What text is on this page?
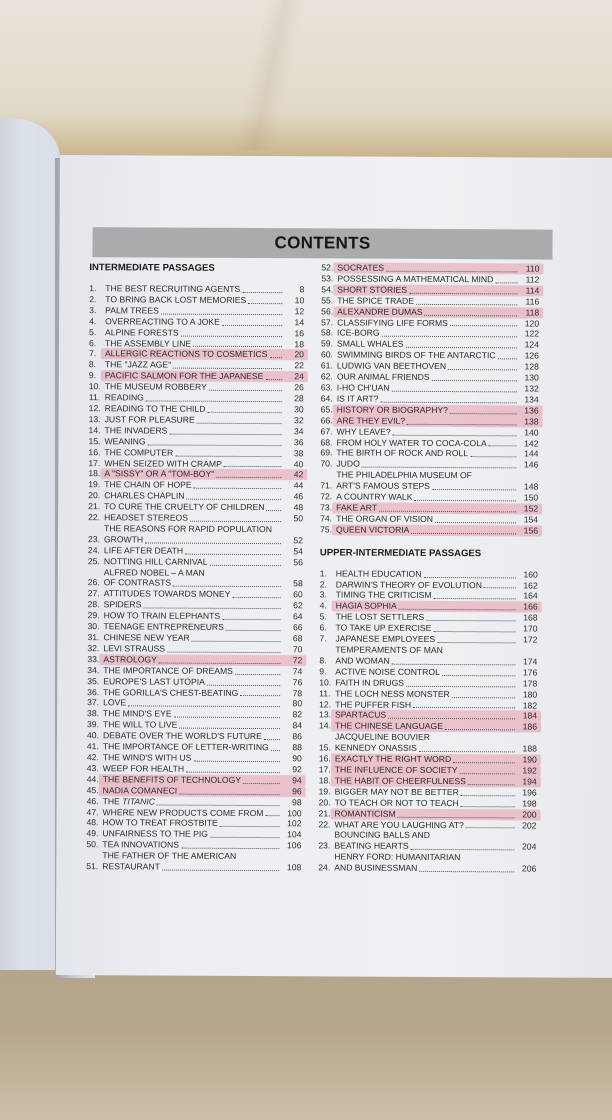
CONTENTS
INTERMEDIATE PASSAGES
1.	THE BEST RECRUITING AGENTS	8
2.	TO BRING BACK LOST MEMORIES	10
3.	PALM TREES	12
4.	OVERREACTING TO A JOKE	14
5.	ALPINE FORESTS	16
6.	THE ASSEMBLY LINE	18
7.	ALLERGIC REACTIONS TO COSMETICS	20
8.	THE "JAZZ AGE"	22
9.	PACIFIC SALMON FOR THE JAPANESE	24
10. THE MUSEUM ROBBERY	26
11. READING	28
12. READING TO THE CHILD	30
13. JUST FOR PLEASURE	32
14. THE INVADERS	34
15. WEANING	36
16. THE COMPUTER	38
17. WHEN SEIZED WITH CRAMP	40
18. A "SISSY" OR A "TOM-BOY"	42
19. THE CHAIN OF HOPE	44
20. CHARLES CHAPLIN	46
21. TO CURE THE CRUELTY OF CHILDREN	48
22. HEADSET STEREOS	50
23.
THE REASONS FOR RAPID POPULATION
GROWTH	52
24. LIFE AFTER DEATH	54
25. NOTTING HILL CARNIVAL	56
26.
ALFRED NOBEL – A MAN
OF CONTRASTS	58
27. ATTITUDES TOWARDS MONEY	60
28. SPIDERS	62
29. HOW TO TRAIN ELEPHANTS	64
30. TEENAGE ENTREPRENEURS	66
31. CHINESE NEW YEAR	68
32. LEVI STRAUSS	70
33. ASTROLOGY	72
34. THE IMPORTANCE OF DREAMS	74
35. EUROPE'S LAST UTOPIA	76
36. THE GORILLA'S CHEST-BEATING	78
37. LOVE	80
38. THE MIND'S EYE	82
39. THE WILL TO LIVE	84
40. DEBATE OVER THE WORLD'S FUTURE	86
41. THE IMPORTANCE OF LETTER-WRITING	88
42. THE WIND'S WITH US	90
43. WEEP FOR HEALTH	92
44. THE BENEFITS OF TECHNOLOGY	94
45. NADIA COMANECI	96
46. THE TITANIC	98
47. WHERE NEW PRODUCTS COME FROM	100
48. HOW TO TREAT FROSTBITE	102
49. UNFAIRNESS TO THE PIG	104
50. TEA INNOVATIONS	106
51.
THE FATHER OF THE AMERICAN
RESTAURANT	108
52. SOCRATES	110
53. POSSESSING A MATHEMATICAL MIND	112
54. SHORT STORIES	114
55. THE SPICE TRADE	116
56. ALEXANDRE DUMAS	118
57. CLASSIFYING LIFE FORMS	120
58. ICE-BORG	122
59. SMALL WHALES	124
60. SWIMMING BIRDS OF THE ANTARCTIC	126
61. LUDWIG VAN BEETHOVEN	128
62. OUR ANIMAL FRIENDS	130
63. I-HO CH'UAN	132
64. IS IT ART?	134
65. HISTORY OR BIOGRAPHY?	136
66. ARE THEY EVIL?	138
67. WHY LEAVE?	140
68. FROM HOLY WATER TO COCA-COLA	142
69. THE BIRTH OF ROCK AND ROLL	144
70. JUDO	146
71.
THE PHILADELPHIA MUSEUM OF
ART'S FAMOUS STEPS	148
72. A COUNTRY WALK	150
73. FAKE ART	152
74. THE ORGAN OF VISION	154
75. QUEEN VICTORIA	156
UPPER-INTERMEDIATE PASSAGES
1.	HEALTH EDUCATION	160
2.	DARWIN'S THEORY OF EVOLUTION	162
3.	TIMING THE CRITICISM	164
4.	HAGIA SOPHIA	166
5.	THE LOST SETTLERS	168
6.	TO TAKE UP EXERCISE	170
7.	JAPANESE EMPLOYEES	172
8.
TEMPERAMENTS OF MAN
AND WOMAN	174
9.	ACTIVE NOISE CONTROL	176
10. FAITH IN DRUGS	178
11. THE LOCH NESS MONSTER	180
12. THE PUFFER FISH	182
13. SPARTACUS	184
14. THE CHINESE LANGUAGE	186
15.
JACQUELINE BOUVIER
KENNEDY ONASSIS	188
16. EXACTLY THE RIGHT WORD	190
17. THE INFLUENCE OF SOCIETY	192
18. THE HABIT OF CHEERFULNESS	194
19. BIGGER MAY NOT BE BETTER	196
20. TO TEACH OR NOT TO TEACH	198
21. ROMANTICISM	200
22. WHAT ARE YOU LAUGHING AT?	202
23.
BOUNCING BALLS AND
BEATING HEARTS	204
24.
HENRY FORD: HUMANITARIAN
AND BUSINESSMAN	206
